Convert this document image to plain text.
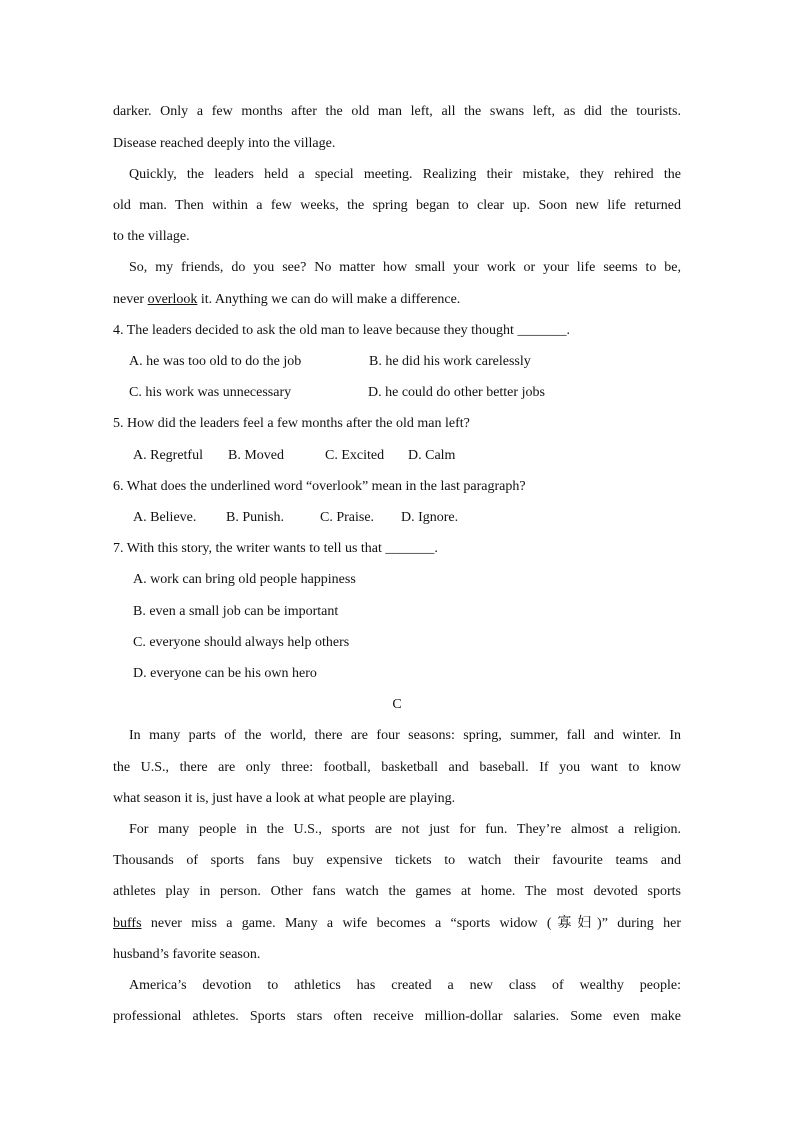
darker. Only a few months after the old man left, all the swans left, as did the tourists.
Disease reached deeply into the village.
Quickly, the leaders held a special meeting. Realizing their mistake, they rehired the
old man. Then within a few weeks, the spring began to clear up. Soon new life returned
to the village.
So, my friends, do you see? No matter how small your work or your life seems to be,
never overlook it. Anything we can do will make a difference.
4. The leaders decided to ask the old man to leave because they thought _______.
A. he was too old to do the job	B. he did his work carelessly
C. his work was unnecessary	D. he could do other better jobs
5. How did the leaders feel a few months after the old man left?
A. Regretful B. Moved	C. Excited D. Calm
6. What does the underlined word “overlook” mean in the last paragraph?
A. Believe. B. Punish.	C. Praise. D. Ignore.
7. With this story, the writer wants to tell us that _______.
A. work can bring old people happiness
B. even a small job can be important
C. everyone should always help others
D. everyone can be his own hero
C
In many parts of the world, there are four seasons: spring, summer, fall and winter. In
the U.S., there are only three: football, basketball and baseball. If you want to know
what season it is, just have a look at what people are playing.
For many people in the U.S., sports are not just for fun. They’re almost a religion.
Thousands of sports fans buy expensive tickets to watch their favourite teams and
athletes play in person. Other fans watch the games at home. The most devoted sports
buffs never miss a game. Many a wife becomes a “sports widow (寡妇)” during her
husband’s favorite season.
America’s devotion to athletics has created a new class of wealthy people:
professional athletes. Sports stars often receive million-dollar salaries. Some even make
